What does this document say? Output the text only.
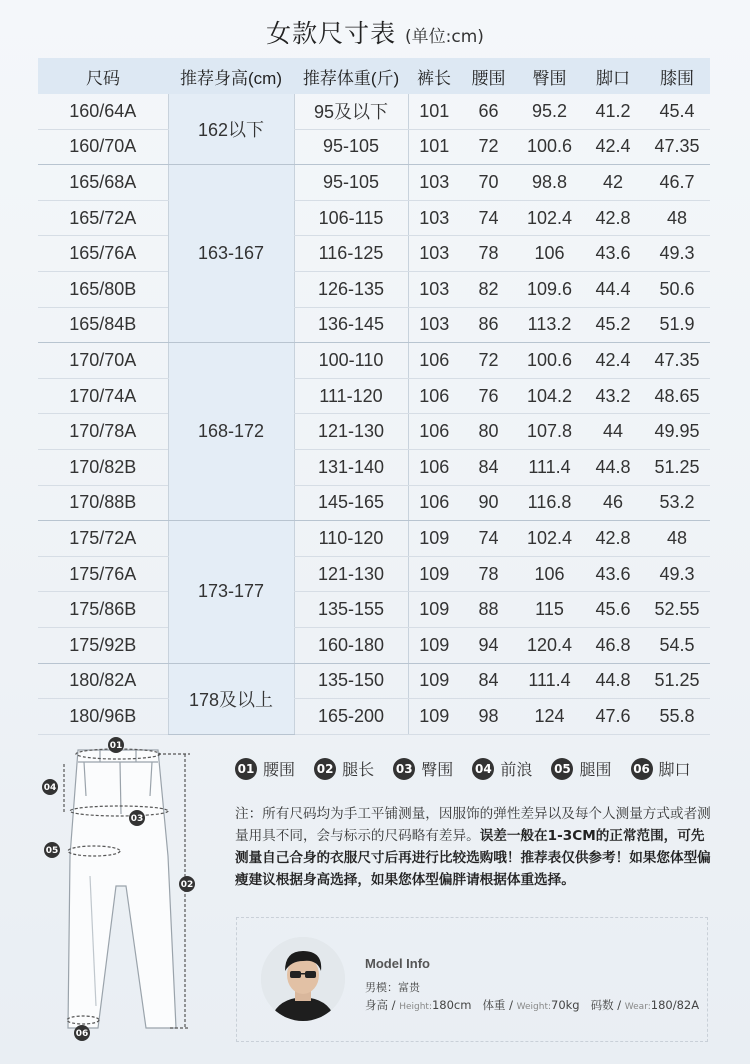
女款尺寸表 (单位:cm)
尺码	推荐身高(cm)	推荐体重(斤)	裤长	腰围	臀围	脚口	膝围
160/64A	162以下	95及以下	101	66	95.2	41.2	45.4
160/70A		95-105	101	72	100.6	42.4	47.35
165/68A	163-167	95-105	103	70	98.8	42	46.7
165/72A		106-115	103	74	102.4	42.8	48
165/76A		116-125	103	78	106	43.6	49.3
165/80B		126-135	103	82	109.6	44.4	50.6
165/84B		136-145	103	86	113.2	45.2	51.9
170/70A	168-172	100-110	106	72	100.6	42.4	47.35
170/74A		111-120	106	76	104.2	43.2	48.65
170/78A		121-130	106	80	107.8	44	49.95
170/82B		131-140	106	84	111.4	44.8	51.25
170/88B		145-165	106	90	116.8	46	53.2
175/72A	173-177	110-120	109	74	102.4	42.8	48
175/76A		121-130	109	78	106	43.6	49.3
175/86B		135-155	109	88	115	45.6	52.55
175/92B		160-180	109	94	120.4	46.8	54.5
180/82A	178及以上	135-150	109	84	111.4	44.8	51.25
180/96B		165-200	109	98	124	47.6	55.8
01
04
03
05
02
06
01 腰围
02 腿长
03 臀围
04 前浪
05 腿围
06 脚口
注：所有尺码均为手工平铺测量，因服饰的弹性差异以及每个人测量方式或者测量用具不同，会与标示的尺码略有差异。误差一般在1-3CM的正常范围，可先测量自己合身的衣服尺寸后再进行比较选购哦！推荐表仅供参考！如果您体型偏瘦建议根据身高选择，如果您体型偏胖请根据体重选择。
Model Info
男模：富贵
身高 / Height:180cm 体重 / Weight:70kg 码数 / Wear:180/82A
